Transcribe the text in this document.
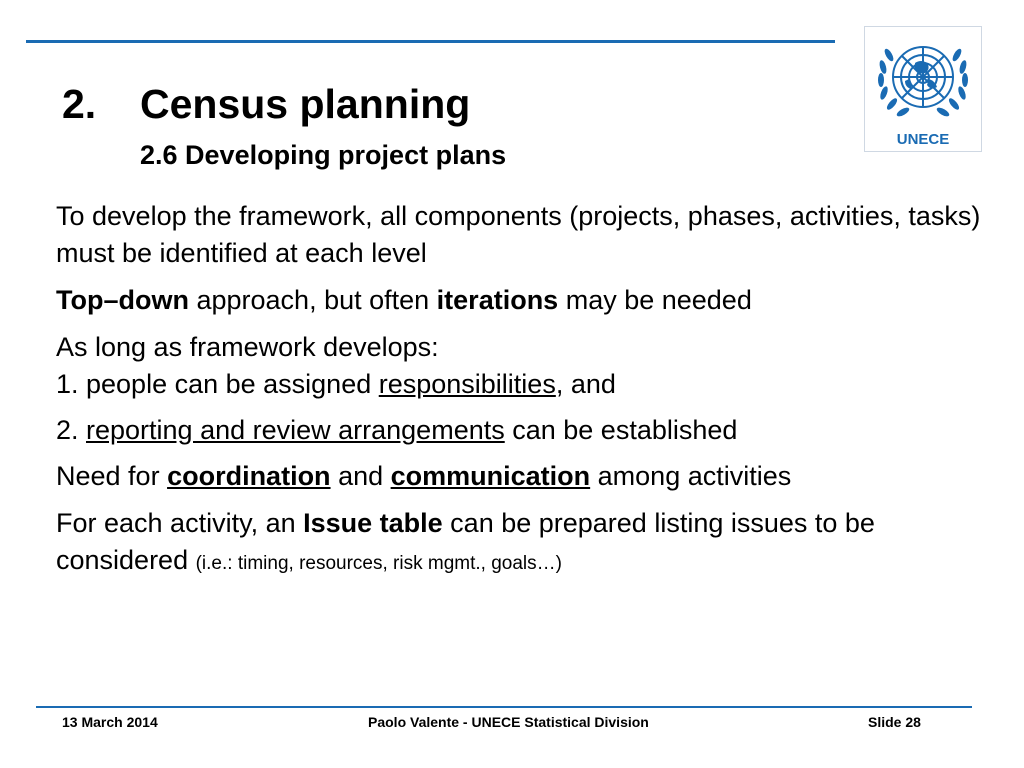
2. Census planning
2.6 Developing project plans
UNECE

To develop the framework, all components (projects, phases, activities, tasks) must be identified at each level

Top–down approach, but often iterations may be needed

As long as framework develops:

1. people can be assigned responsibilities, and
2. reporting and review arrangements can be established

Need for coordination and communication among activities

For each activity, an Issue table can be prepared listing issues to be considered (i.e.: timing, resources, risk mgmt., goals…)

13 March 2014	Paolo Valente - UNECE Statistical Division	Slide 28
